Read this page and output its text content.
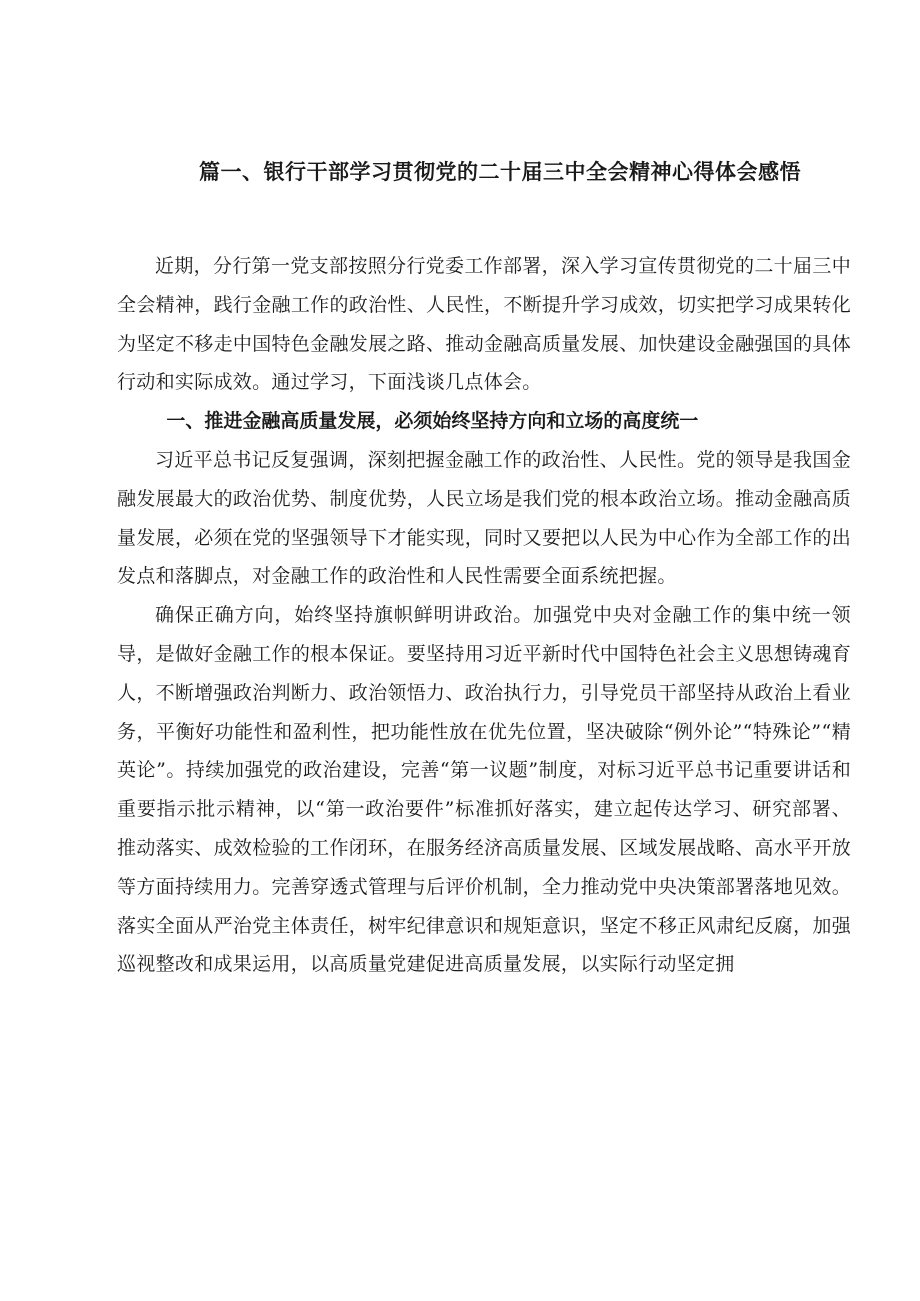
篇一、银行干部学习贯彻党的二十届三中全会精神心得体会感悟

近期，分行第一党支部按照分行党委工作部署，深入学习宣传贯彻党的二十届三中全会精神，践行金融工作的政治性、人民性，不断提升学习成效，切实把学习成果转化为坚定不移走中国特色金融发展之路、推动金融高质量发展、加快建设金融强国的具体行动和实际成效。通过学习，下面浅谈几点体会。

一、推进金融高质量发展，必须始终坚持方向和立场的高度统一

习近平总书记反复强调，深刻把握金融工作的政治性、人民性。党的领导是我国金融发展最大的政治优势、制度优势，人民立场是我们党的根本政治立场。推动金融高质量发展，必须在党的坚强领导下才能实现，同时又要把以人民为中心作为全部工作的出发点和落脚点，对金融工作的政治性和人民性需要全面系统把握。

确保正确方向，始终坚持旗帜鲜明讲政治。加强党中央对金融工作的集中统一领导，是做好金融工作的根本保证。要坚持用习近平新时代中国特色社会主义思想铸魂育人，不断增强政治判断力、政治领悟力、政治执行力，引导党员干部坚持从政治上看业务，平衡好功能性和盈利性，把功能性放在优先位置，坚决破除“例外论”“特殊论”“精英论”。持续加强党的政治建设，完善“第一议题”制度，对标习近平总书记重要讲话和重要指示批示精神，以“第一政治要件”标准抓好落实，建立起传达学习、研究部署、推动落实、成效检验的工作闭环，在服务经济高质量发展、区域发展战略、高水平开放等方面持续用力。完善穿透式管理与后评价机制，全力推动党中央决策部署落地见效。落实全面从严治党主体责任，树牢纪律意识和规矩意识，坚定不移正风肃纪反腐，加强巡视整改和成果运用，以高质量党建促进高质量发展，以实际行动坚定拥
